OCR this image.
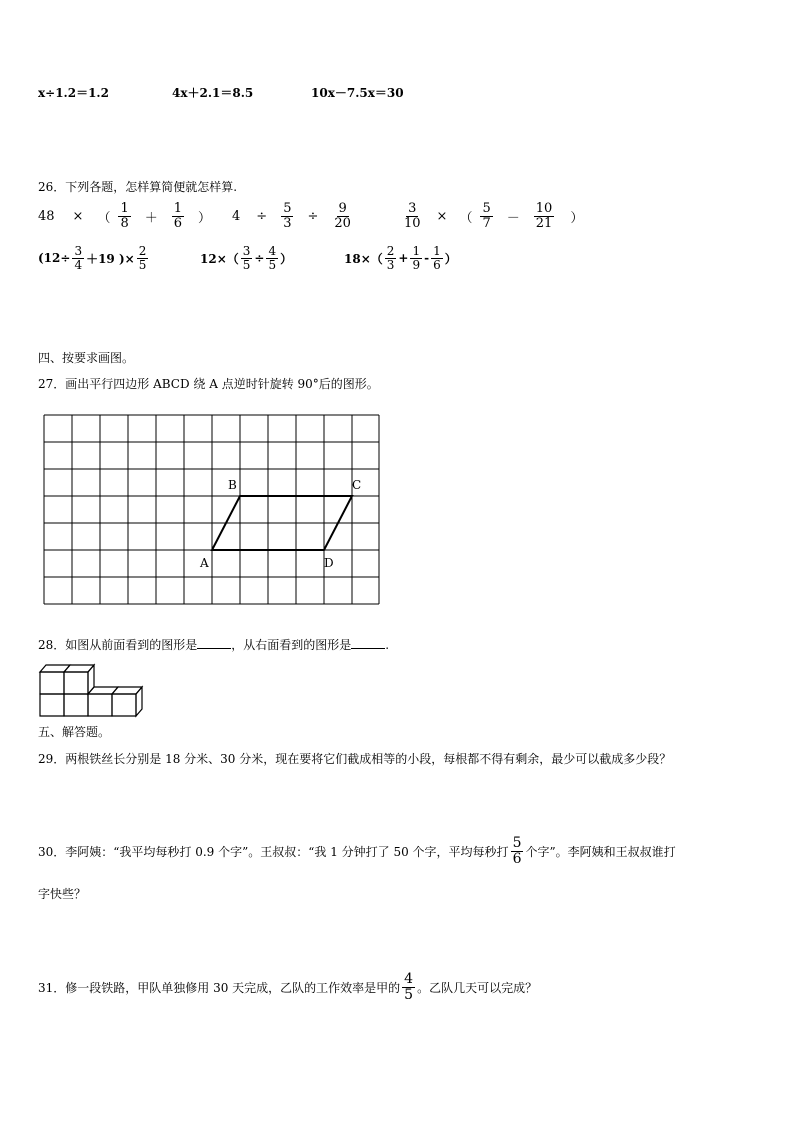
x÷1.2＝1.2	4x＋2.1＝8.5	10x－7.5x＝30
26．下列各题，怎样算简便就怎样算.
48 × （ $\frac{1}{8} + \frac{1}{6}$ ） $4 \div \frac{5}{3} \div \frac{9}{20}$	$\frac{3}{10}$ × （ $\frac{5}{7} - \frac{10}{21}$ ）
($12\div \frac{3}{4} +19$ )× $\frac{2}{5}$	$12\times( \frac{3}{5} \div \frac{4}{5}$ ）	$18\times( \frac{2}{3} + \frac{1}{9} - \frac{1}{6}$ ）
四、按要求画图。
27．画出平行四边形 ABCD 绕 A 点逆时针旋转 90°后的图形。
B	C
A	D
28．如图从前面看到的图形是	，从右面看到的图形是	.
五、解答题。
29．两根铁丝长分别是 18 分米、30 分米，现在要将它们截成相等的小段，每根都不得有剩余，最少可以截成多少段？
30．李阿姨：“我平均每秒打 0.9 个字”。王叔叔：“我 1 分钟打了 50 个字，平均每秒打 $\frac{5}{6}$ 个字”。李阿姨和王叔叔谁打
字快些？
31．修一段铁路，甲队单独修用 30 天完成，乙队的工作效率是甲的 $\frac{4}{5}$ 。乙队几天可以完成？
